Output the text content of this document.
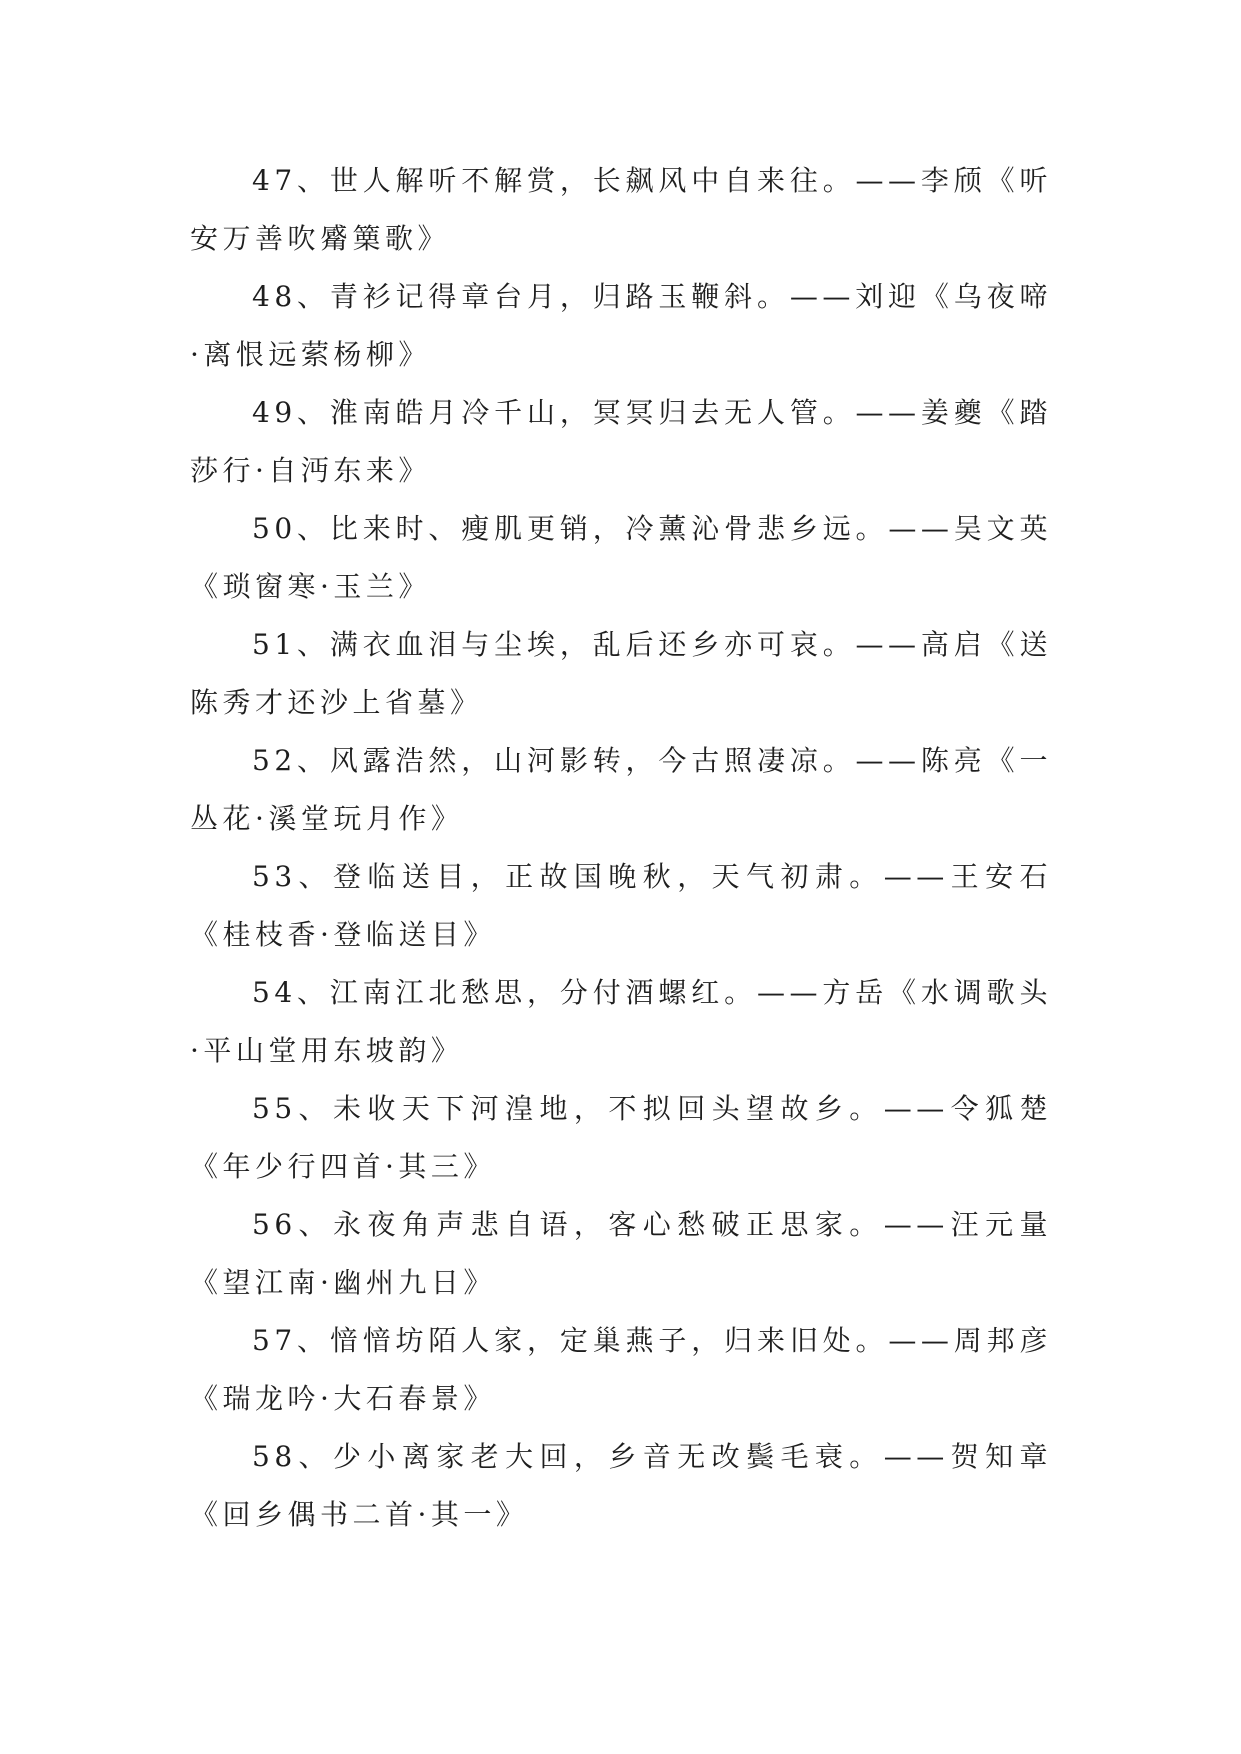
47、世人解听不解赏，长飙风中自来往。——李颀《听安万善吹觱篥歌》

48、青衫记得章台月，归路玉鞭斜。——刘迎《乌夜啼·离恨远萦杨柳》

49、淮南皓月冷千山，冥冥归去无人管。——姜夔《踏莎行·自沔东来》

50、比来时、瘦肌更销，冷薰沁骨悲乡远。——吴文英《琐窗寒·玉兰》

51、满衣血泪与尘埃，乱后还乡亦可哀。——高启《送陈秀才还沙上省墓》

52、风露浩然，山河影转，今古照凄凉。——陈亮《一丛花·溪堂玩月作》

53、登临送目，正故国晚秋，天气初肃。——王安石《桂枝香·登临送目》

54、江南江北愁思，分付酒螺红。——方岳《水调歌头·平山堂用东坡韵》

55、未收天下河湟地，不拟回头望故乡。——令狐楚《年少行四首·其三》

56、永夜角声悲自语，客心愁破正思家。——汪元量《望江南·幽州九日》

57、愔愔坊陌人家，定巢燕子，归来旧处。——周邦彦《瑞龙吟·大石春景》

58、少小离家老大回，乡音无改鬓毛衰。——贺知章《回乡偶书二首·其一》
